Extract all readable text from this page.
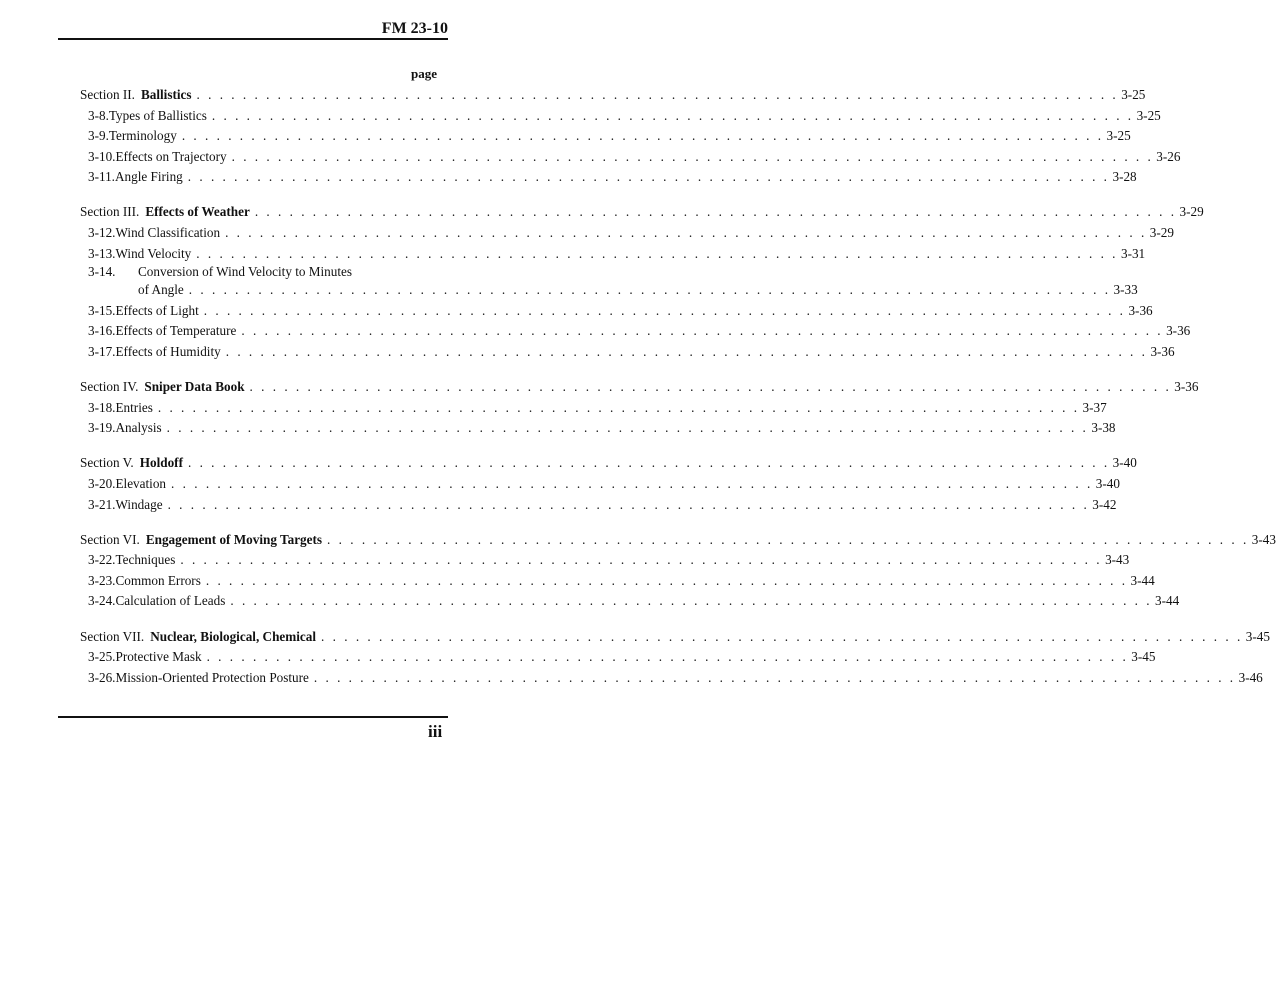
FM 23-10
page
Section II. Ballistics . . . . . . . . . . . . . . . . . . . . . . . . . . . . . . . . . . . . . . . . . . . . . . . . . . . . . . . . . . . . . . . . . . . . . . . . . . . . . . . . 3-25
3-8. Types of Ballistics . . . . . . . . . . . . . . . . . . . . . . . . . . . . . . . . . . . . . . . . . . . . . . . . . . . . . . . . . . . . . . . . . . . . . . . . . . . . . . . . 3-25
3-9. Terminology . . . . . . . . . . . . . . . . . . . . . . . . . . . . . . . . . . . . . . . . . . . . . . . . . . . . . . . . . . . . . . . . . . . . . . . . . . . . . . . . 3-25
3-10. Effects on Trajectory . . . . . . . . . . . . . . . . . . . . . . . . . . . . . . . . . . . . . . . . . . . . . . . . . . . . . . . . . . . . . . . . . . . . . . . . . . . . . . . . 3-26
3-11. Angle Firing . . . . . . . . . . . . . . . . . . . . . . . . . . . . . . . . . . . . . . . . . . . . . . . . . . . . . . . . . . . . . . . . . . . . . . . . . . . . . . . . 3-28
Section III. Effects of Weather . . . . . . . . . . . . . . . . . . . . . . . . . . . . . . . . . . . . . . . . . . . . . . . . . . . . . . . . . . . . . . . . . . . . . . . . . . . . . . . . 3-29
3-12. Wind Classification . . . . . . . . . . . . . . . . . . . . . . . . . . . . . . . . . . . . . . . . . . . . . . . . . . . . . . . . . . . . . . . . . . . . . . . . . . . . . . . . 3-29
3-13. Wind Velocity . . . . . . . . . . . . . . . . . . . . . . . . . . . . . . . . . . . . . . . . . . . . . . . . . . . . . . . . . . . . . . . . . . . . . . . . . . . . . . . . 3-31
3-14. Conversion of Wind Velocity to Minutes
of Angle . . . . . . . . . . . . . . . . . . . . . . . . . . . . . . . . . . . . . . . . . . . . . . . . . . . . . . . . . . . . . . . . . . . . . . . . . . . . . . . . 3-33
3-15. Effects of Light . . . . . . . . . . . . . . . . . . . . . . . . . . . . . . . . . . . . . . . . . . . . . . . . . . . . . . . . . . . . . . . . . . . . . . . . . . . . . . . . 3-36
3-16. Effects of Temperature . . . . . . . . . . . . . . . . . . . . . . . . . . . . . . . . . . . . . . . . . . . . . . . . . . . . . . . . . . . . . . . . . . . . . . . . . . . . . . . . 3-36
3-17. Effects of Humidity . . . . . . . . . . . . . . . . . . . . . . . . . . . . . . . . . . . . . . . . . . . . . . . . . . . . . . . . . . . . . . . . . . . . . . . . . . . . . . . . 3-36
Section IV. Sniper Data Book . . . . . . . . . . . . . . . . . . . . . . . . . . . . . . . . . . . . . . . . . . . . . . . . . . . . . . . . . . . . . . . . . . . . . . . . . . . . . . . . 3-36
3-18. Entries . . . . . . . . . . . . . . . . . . . . . . . . . . . . . . . . . . . . . . . . . . . . . . . . . . . . . . . . . . . . . . . . . . . . . . . . . . . . . . . . 3-37
3-19. Analysis . . . . . . . . . . . . . . . . . . . . . . . . . . . . . . . . . . . . . . . . . . . . . . . . . . . . . . . . . . . . . . . . . . . . . . . . . . . . . . . . 3-38
Section V. Holdoff . . . . . . . . . . . . . . . . . . . . . . . . . . . . . . . . . . . . . . . . . . . . . . . . . . . . . . . . . . . . . . . . . . . . . . . . . . . . . . . . 3-40
3-20. Elevation . . . . . . . . . . . . . . . . . . . . . . . . . . . . . . . . . . . . . . . . . . . . . . . . . . . . . . . . . . . . . . . . . . . . . . . . . . . . . . . . 3-40
3-21. Windage . . . . . . . . . . . . . . . . . . . . . . . . . . . . . . . . . . . . . . . . . . . . . . . . . . . . . . . . . . . . . . . . . . . . . . . . . . . . . . . . 3-42
Section VI. Engagement of Moving Targets . . . . . . . . . . . . . . . . . . . . . . . . . . . . . . . . . . . . . . . . . . . . . . . . . . . . . . . . . . . . . . . . . . . . . . . . . . . . . . . . 3-43
3-22. Techniques . . . . . . . . . . . . . . . . . . . . . . . . . . . . . . . . . . . . . . . . . . . . . . . . . . . . . . . . . . . . . . . . . . . . . . . . . . . . . . . . 3-43
3-23. Common Errors . . . . . . . . . . . . . . . . . . . . . . . . . . . . . . . . . . . . . . . . . . . . . . . . . . . . . . . . . . . . . . . . . . . . . . . . . . . . . . . . 3-44
3-24. Calculation of Leads . . . . . . . . . . . . . . . . . . . . . . . . . . . . . . . . . . . . . . . . . . . . . . . . . . . . . . . . . . . . . . . . . . . . . . . . . . . . . . . . 3-44
Section VII. Nuclear, Biological, Chemical . . . . . . . . . . . . . . . . . . . . . . . . . . . . . . . . . . . . . . . . . . . . . . . . . . . . . . . . . . . . . . . . . . . . . . . . . . . . . . . . 3-45
3-25. Protective Mask . . . . . . . . . . . . . . . . . . . . . . . . . . . . . . . . . . . . . . . . . . . . . . . . . . . . . . . . . . . . . . . . . . . . . . . . . . . . . . . . 3-45
3-26. Mission-Oriented Protection Posture . . . . . . . . . . . . . . . . . . . . . . . . . . . . . . . . . . . . . . . . . . . . . . . . . . . . . . . . . . . . . . . . . . . . . . . . . . . . . . . . 3-46
iii
